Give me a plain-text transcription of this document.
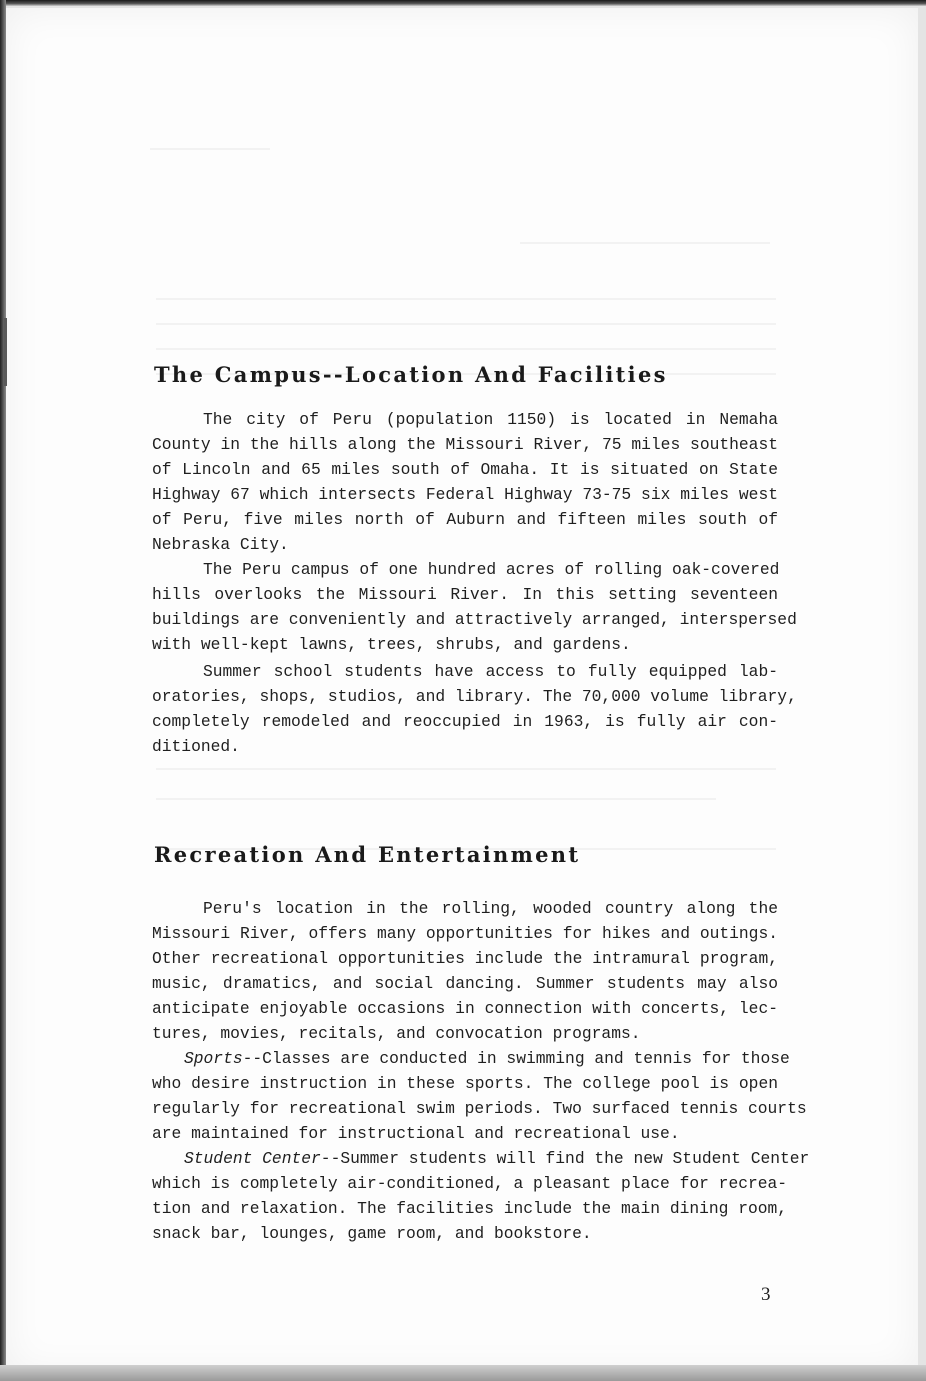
The Campus--Location And Facilities
The city of Peru (population 1150) is located in Nemaha
County in the hills along the Missouri River, 75 miles southeast
of Lincoln and 65 miles south of Omaha. It is situated on State
Highway 67 which intersects Federal Highway 73-75 six miles west
of Peru, five miles north of Auburn and fifteen miles south of
Nebraska City.
The Peru campus of one hundred acres of rolling oak-covered
hills overlooks the Missouri River. In this setting seventeen
buildings are conveniently and attractively arranged, interspersed
with well-kept lawns, trees, shrubs, and gardens.
Summer school students have access to fully equipped lab-
oratories, shops, studios, and library. The 70,000 volume library,
completely remodeled and reoccupied in 1963, is fully air con-
ditioned.
Recreation And Entertainment
Peru's location in the rolling, wooded country along the
Missouri River, offers many opportunities for hikes and outings.
Other recreational opportunities include the intramural program,
music, dramatics, and social dancing. Summer students may also
anticipate enjoyable occasions in connection with concerts, lec-
tures, movies, recitals, and convocation programs.
Sports--Classes are conducted in swimming and tennis for those
who desire instruction in these sports. The college pool is open
regularly for recreational swim periods. Two surfaced tennis courts
are maintained for instructional and recreational use.
Student Center--Summer students will find the new Student Center
which is completely air-conditioned, a pleasant place for recrea-
tion and relaxation. The facilities include the main dining room,
snack bar, lounges, game room, and bookstore.
3
